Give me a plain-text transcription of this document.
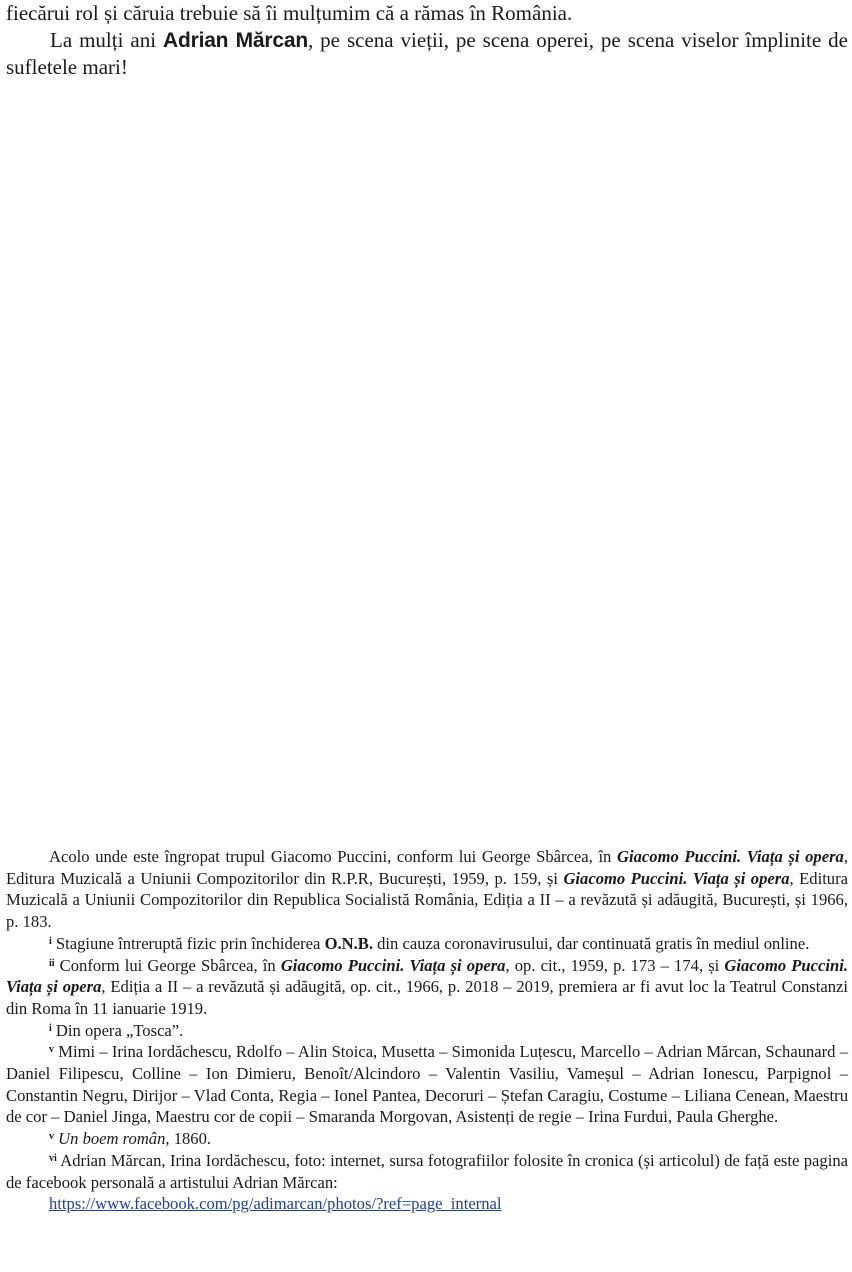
fiecărui rol și căruia trebuie să îi mulțumim că a rămas în România.

La mulți ani Adrian Mărcan, pe scena vieții, pe scena operei, pe scena viselor împlinite de sufletele mari!

Acolo unde este îngropat trupul Giacomo Puccini, conform lui George Sbârcea, în Giacomo Puccini. Viața și opera, Editura Muzicală a Uniunii Compozitorilor din R.P.R, București, 1959, p. 159, și Giacomo Puccini. Viața și opera, Editura Muzicală a Uniunii Compozitorilor din Republica Socialistă România, Ediția a II – a revăzută și adăugită, București, și 1966, p. 183.

$^i$ Stagiune întreruptă fizic prin închiderea O.N.B. din cauza coronavirusului, dar continuată gratis în mediul online.

$^{ii}$ Conform lui George Sbârcea, în Giacomo Puccini. Viața și opera, op. cit., 1959, p. 173 – 174, și Giacomo Puccini. Viața și opera, Ediția a II – a revăzută și adăugită, op. cit., 1966, p. 2018 – 2019, premiera ar fi avut loc la Teatrul Constanzi din Roma în 11 ianuarie 1919.

$^i$ Din opera „Tosca”.

$^v$ Mimi – Irina Iordăchescu, Rdolfo – Alin Stoica, Musetta – Simonida Luțescu, Marcello – Adrian Mărcan, Schaunard – Daniel Filipescu, Colline – Ion Dimieru, Benoît/Alcindoro – Valentin Vasiliu, Vameșul – Adrian Ionescu, Parpignol – Constantin Negru, Dirijor – Vlad Conta, Regia – Ionel Pantea, Decoruri – Ștefan Caragiu, Costume – Liliana Cenean, Maestru de cor – Daniel Jinga, Maestru cor de copii – Smaranda Morgovan, Asistenți de regie – Irina Furdui, Paula Gherghe.

$^v$ Un boem român, 1860.

$^{vi}$ Adrian Mărcan, Irina Iordăchescu, foto: internet, sursa fotografiilor folosite în cronica (și articolul) de față este pagina de facebook personală a artistului Adrian Mărcan:

https://www.facebook.com/pg/adimarcan/photos/?ref=page_internal
